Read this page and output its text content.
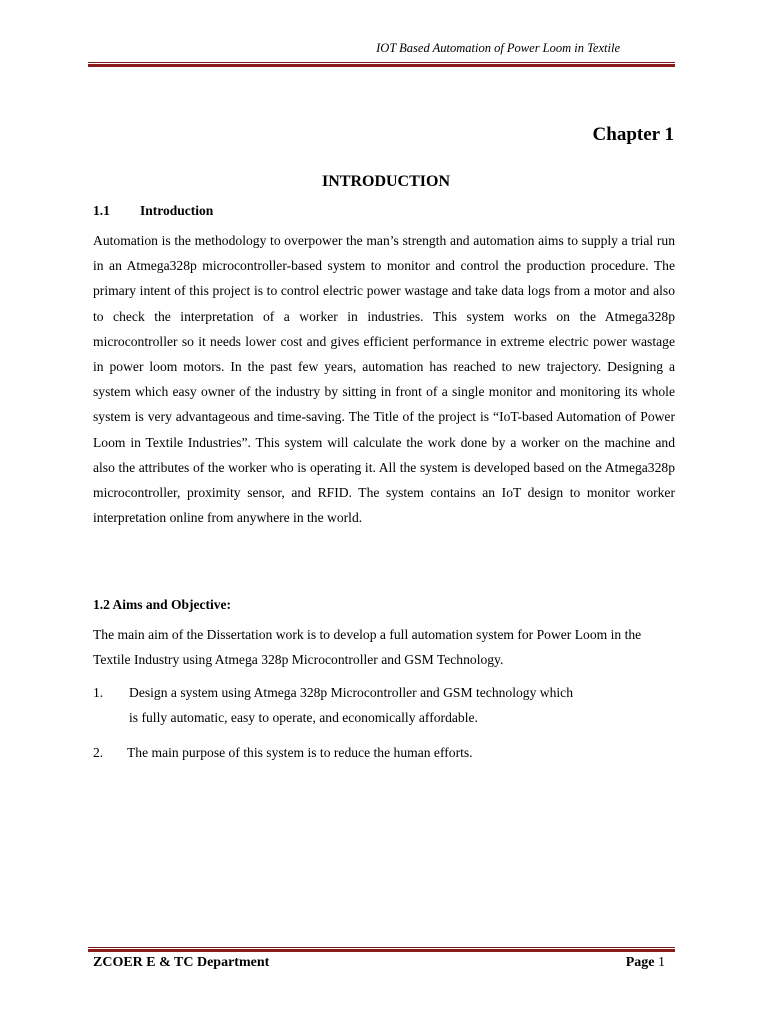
IOT Based Automation of Power Loom in Textile
Chapter 1
INTRODUCTION
1.1 Introduction

Automation is the methodology to overpower the man’s strength and automation aims to supply a trial run in an Atmega328p microcontroller-based system to monitor and control the production procedure. The primary intent of this project is to control electric power wastage and take data logs from a motor and also to check the interpretation of a worker in industries. This system works on the Atmega328p microcontroller so it needs lower cost and gives efficient performance in extreme electric power wastage in power loom motors. In the past few years, automation has reached to new trajectory. Designing a system which easy owner of the industry by sitting in front of a single monitor and monitoring its whole system is very advantageous and time-saving. The Title of the project is “IoT-based Automation of Power Loom in Textile Industries”. This system will calculate the work done by a worker on the machine and also the attributes of the worker who is operating it. All the system is developed based on the Atmega328p microcontroller, proximity sensor, and RFID. The system contains an IoT design to monitor worker interpretation online from anywhere in the world.

1.2 Aims and Objective:

The main aim of the Dissertation work is to develop a full automation system for Power Loom in the Textile Industry using Atmega 328p Microcontroller and GSM Technology.

1. Design a system using Atmega 328p Microcontroller and GSM technology which
is fully automatic, easy to operate, and economically affordable.
2. The main purpose of this system is to reduce the human efforts.
ZCOER E & TC Department	Page 1
